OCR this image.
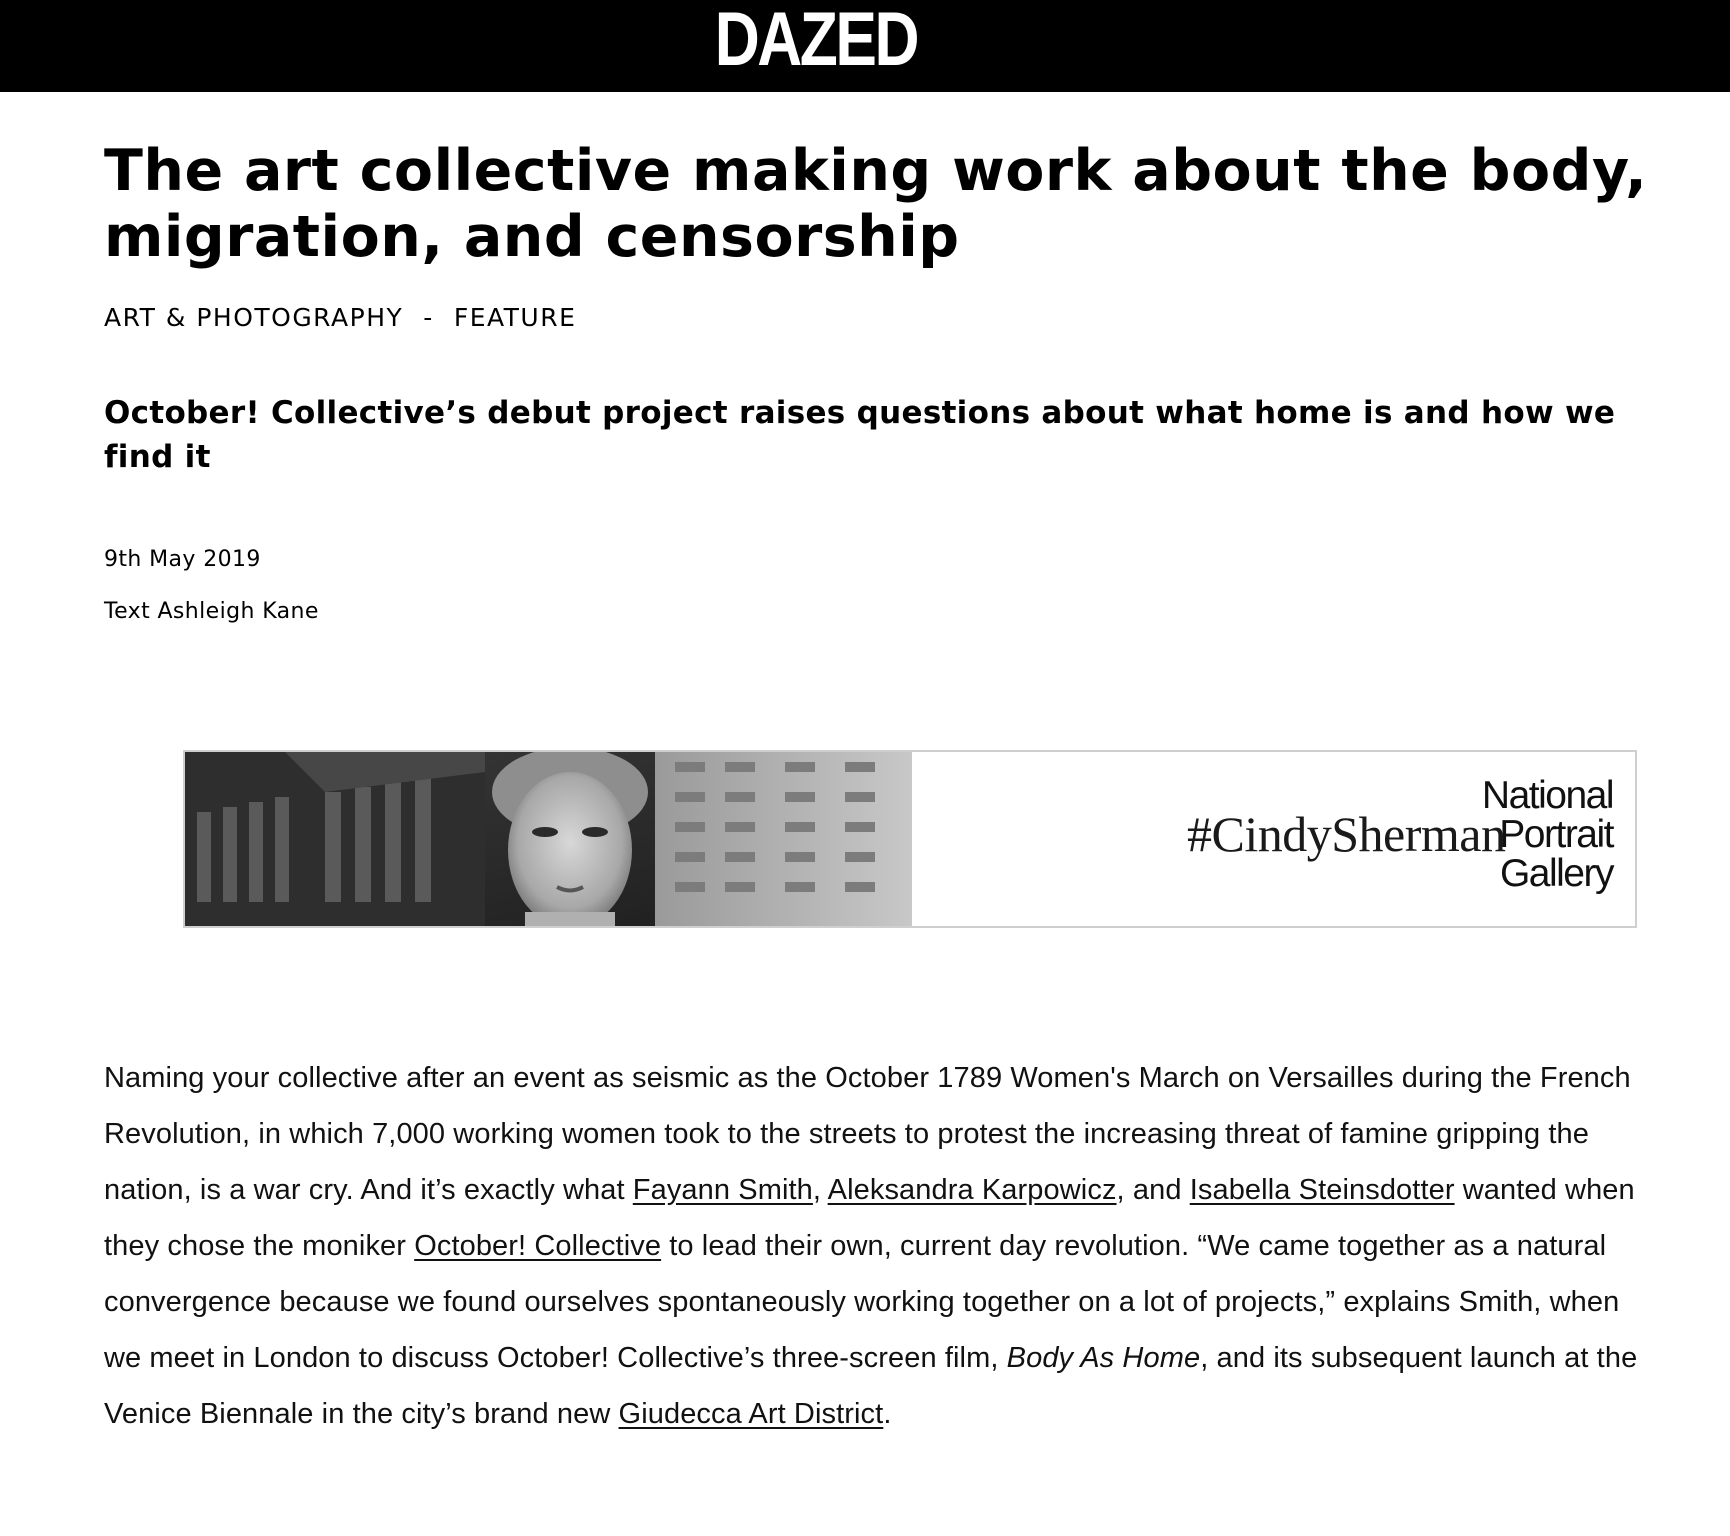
DAZED
The art collective making work about the body, migration, and censorship
ART & PHOTOGRAPHY - FEATURE
October! Collective’s debut project raises questions about what home is and how we find it
9th May 2019
Text Ashleigh Kane

Naming your collective after an event as seismic as the October 1789 Women's March on Versailles during the French Revolution, in which 7,000 working women took to the streets to protest the increasing threat of famine gripping the nation, is a war cry. And it’s exactly what Fayann Smith, Aleksandra Karpowicz, and Isabella Steinsdotter wanted when they chose the moniker October! Collective to lead their own, current day revolution. “We came together as a natural convergence because we found ourselves spontaneously working together on a lot of projects,” explains Smith, when we meet in London to discuss October! Collective’s three-screen film, Body As Home, and its subsequent launch at the Venice Biennale in the city’s brand new Giudecca Art District.

#CindySherman
National
Portrait
Gallery
